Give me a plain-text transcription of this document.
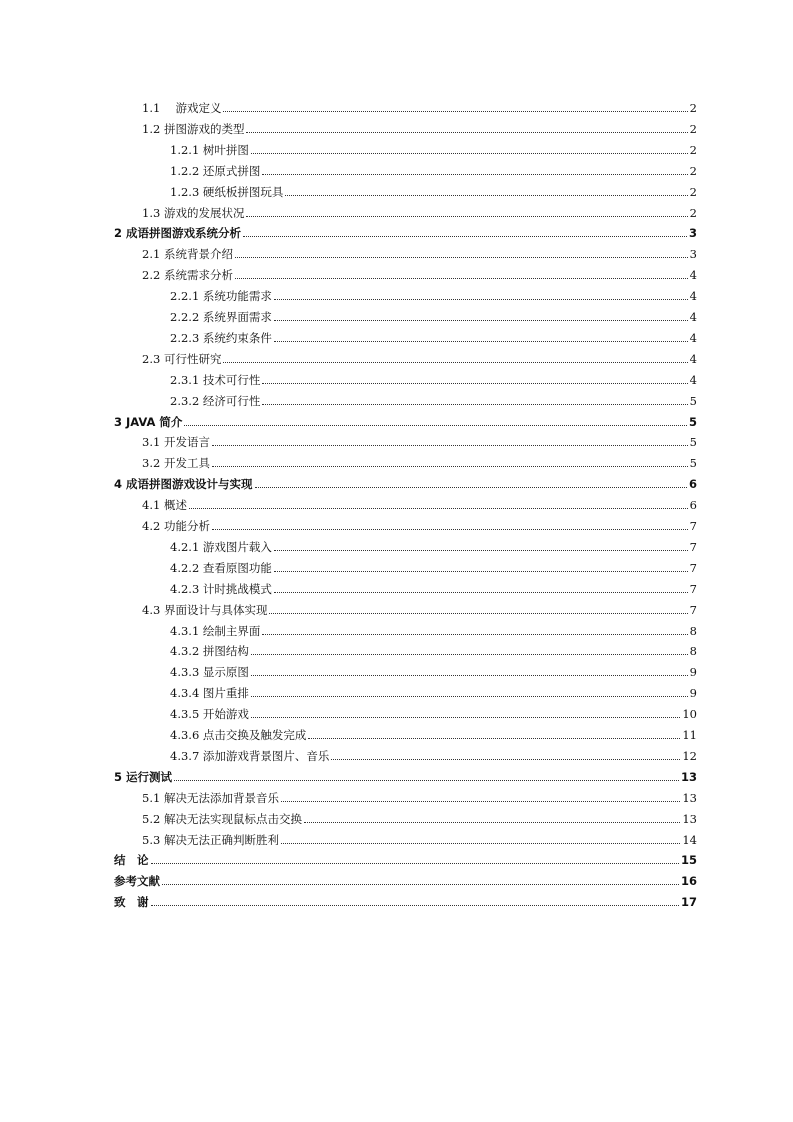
1.1　 游戏定义	2
1.2 拼图游戏的类型	2
1.2.1 树叶拼图	2
1.2.2 还原式拼图	2
1.2.3 硬纸板拼图玩具	2
1.3 游戏的发展状况	2
2 成语拼图游戏系统分析	3
2.1 系统背景介绍	3
2.2 系统需求分析	4
2.2.1 系统功能需求	4
2.2.2 系统界面需求	4
2.2.3 系统约束条件	4
2.3 可行性研究	4
2.3.1 技术可行性	4
2.3.2 经济可行性	5
3 JAVA 简介	5
3.1 开发语言	5
3.2 开发工具	5
4 成语拼图游戏设计与实现	6
4.1 概述	6
4.2 功能分析	7
4.2.1 游戏图片载入	7
4.2.2 查看原图功能	7
4.2.3 计时挑战模式	7
4.3 界面设计与具体实现	7
4.3.1 绘制主界面	8
4.3.2 拼图结构	8
4.3.3 显示原图	9
4.3.4 图片重排	9
4.3.5 开始游戏	10
4.3.6 点击交换及触发完成	11
4.3.7 添加游戏背景图片、音乐	12
5 运行测试	13
5.1 解决无法添加背景音乐	13
5.2 解决无法实现鼠标点击交换	13
5.3 解决无法正确判断胜利	14
结　论	15
参考文献	16
致　谢	17
